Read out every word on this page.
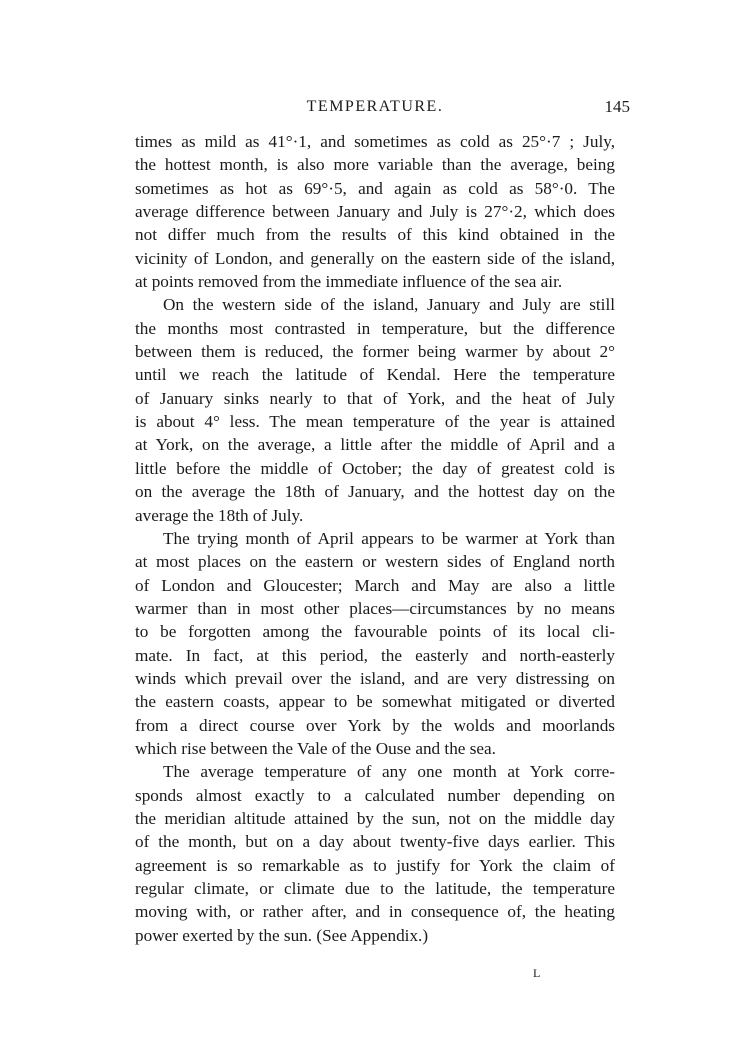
TEMPERATURE.	145
times as mild as 41°·1, and sometimes as cold as 25°·7 ; July,
the hottest month, is also more variable than the average, being
sometimes as hot as 69°·5, and again as cold as 58°·0. The
average difference between January and July is 27°·2, which does
not differ much from the results of this kind obtained in the
vicinity of London, and generally on the eastern side of the island,
at points removed from the immediate influence of the sea air.
On the western side of the island, January and July are still
the months most contrasted in temperature, but the difference
between them is reduced, the former being warmer by about 2°
until we reach the latitude of Kendal. Here the temperature
of January sinks nearly to that of York, and the heat of July
is about 4° less. The mean temperature of the year is attained
at York, on the average, a little after the middle of April and a
little before the middle of October; the day of greatest cold is
on the average the 18th of January, and the hottest day on the
average the 18th of July.
The trying month of April appears to be warmer at York than
at most places on the eastern or western sides of England north
of London and Gloucester; March and May are also a little
warmer than in most other places—circumstances by no means
to be forgotten among the favourable points of its local cli-
mate. In fact, at this period, the easterly and north-easterly
winds which prevail over the island, and are very distressing on
the eastern coasts, appear to be somewhat mitigated or diverted
from a direct course over York by the wolds and moorlands
which rise between the Vale of the Ouse and the sea.
The average temperature of any one month at York corre-
sponds almost exactly to a calculated number depending on
the meridian altitude attained by the sun, not on the middle day
of the month, but on a day about twenty-five days earlier. This
agreement is so remarkable as to justify for York the claim of
regular climate, or climate due to the latitude, the temperature
moving with, or rather after, and in consequence of, the heating
power exerted by the sun. (See Appendix.)
L
